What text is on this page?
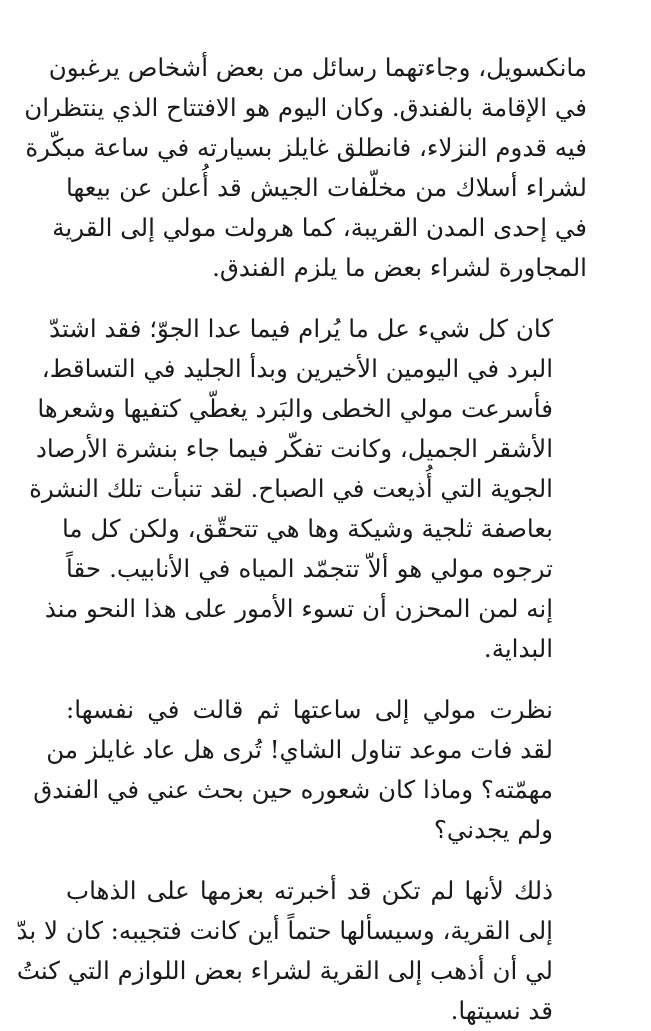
مانكسويل، وجاءتهما رسائل من بعض أشخاص يرغبون
في الإقامة بالفندق. وكان اليوم هو الافتتاح الذي ينتظران
فيه قدوم النزلاء، فانطلق غايلز بسيارته في ساعة مبكّرة
لشراء أسلاك من مخلّفات الجيش قد أُعلن عن بيعها
في إحدى المدن القريبة، كما هرولت مولي إلى القرية
المجاورة لشراء بعض ما يلزم الفندق.

كان كل شيء عل ما يُرام فيما عدا الجوّ؛ فقد اشتدّ
البرد في اليومين الأخيرين وبدأ الجليد في التساقط،
فأسرعت مولي الخطى والبَرد يغطّي كتفيها وشعرها
الأشقر الجميل، وكانت تفكّر فيما جاء بنشرة الأرصاد
الجوية التي أُذيعت في الصباح. لقد تنبأت تلك النشرة
بعاصفة ثلجية وشيكة وها هي تتحقّق، ولكن كل ما
ترجوه مولي هو ألاّ تتجمّد المياه في الأنابيب. حقاً
إنه لمن المحزن أن تسوء الأمور على هذا النحو منذ
البداية.

نظرت مولي إلى ساعتها ثم قالت في نفسها:
لقد فات موعد تناول الشاي! تُرى هل عاد غايلز من
مهمّته؟ وماذا كان شعوره حين بحث عني في الفندق
ولم يجدني؟

ذلك لأنها لم تكن قد أخبرته بعزمها على الذهاب
إلى القرية، وسيسألها حتماً أين كانت فتجيبه: كان لا بدّ
لي أن أذهب إلى القرية لشراء بعض اللوازم التي كنتُ
قد نسيتها.
